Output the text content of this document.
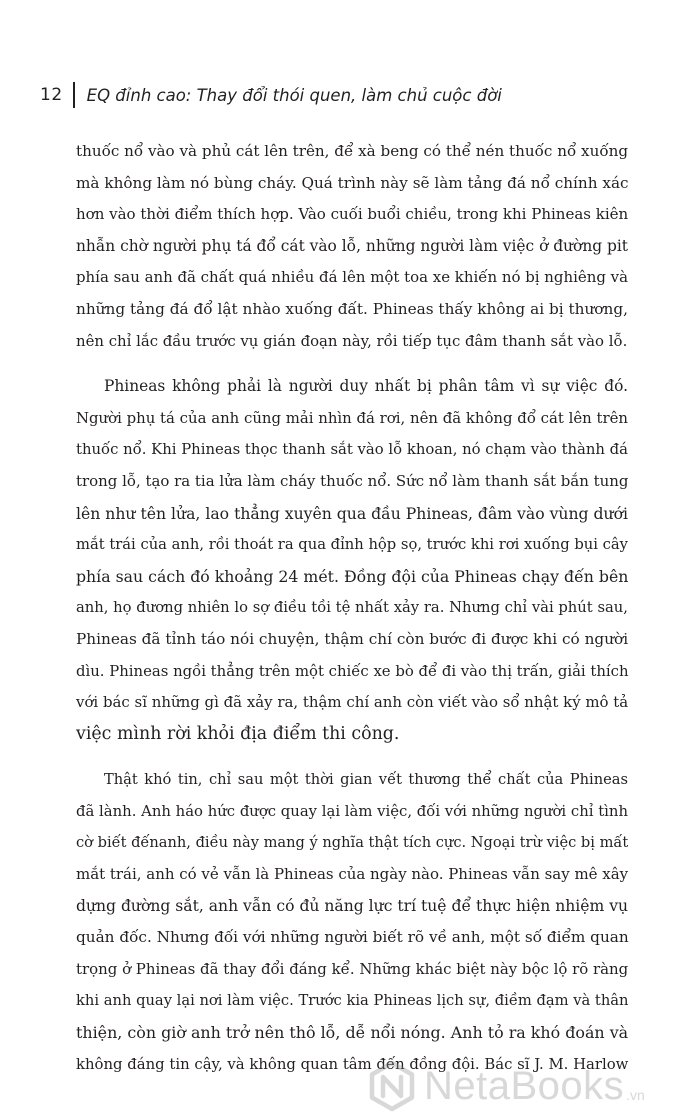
12 EQ đỉnh cao: Thay đổi thói quen, làm chủ cuộc đời
thuốc nổ vào và phủ cát lên trên, để xà beng có thể nén thuốc nổ xuống
mà không làm nó bùng cháy. Quá trình này sẽ làm tảng đá nổ chính xác
hơn vào thời điểm thích hợp. Vào cuối buổi chiều, trong khi Phineas kiên
nhẫn chờ người phụ tá đổ cát vào lỗ, những người làm việc ở đường pit
phía sau anh đã chất quá nhiều đá lên một toa xe khiến nó bị nghiêng và
những tảng đá đổ lật nhào xuống đất. Phineas thấy không ai bị thương,
nên chỉ lắc đầu trước vụ gián đoạn này, rồi tiếp tục đâm thanh sắt vào lỗ.
Phineas không phải là người duy nhất bị phân tâm vì sự việc đó.
Người phụ tá của anh cũng mải nhìn đá rơi, nên đã không đổ cát lên trên
thuốc nổ. Khi Phineas thọc thanh sắt vào lỗ khoan, nó chạm vào thành đá
trong lỗ, tạo ra tia lửa làm cháy thuốc nổ. Sức nổ làm thanh sắt bắn tung
lên như tên lửa, lao thẳng xuyên qua đầu Phineas, đâm vào vùng dưới
mắt trái của anh, rồi thoát ra qua đỉnh hộp sọ, trước khi rơi xuống bụi cây
phía sau cách đó khoảng 24 mét. Đồng đội của Phineas chạy đến bên
anh, họ đương nhiên lo sợ điều tồi tệ nhất xảy ra. Nhưng chỉ vài phút sau,
Phineas đã tỉnh táo nói chuyện, thậm chí còn bước đi được khi có người
dìu. Phineas ngồi thẳng trên một chiếc xe bò để đi vào thị trấn, giải thích
với bác sĩ những gì đã xảy ra, thậm chí anh còn viết vào sổ nhật ký mô tả
việc mình rời khỏi địa điểm thi công.
Thật khó tin, chỉ sau một thời gian vết thương thể chất của Phineas
đã lành. Anh háo hức được quay lại làm việc, đối với những người chỉ tình
cờ biết đếnanh, điều này mang ý nghĩa thật tích cực. Ngoại trừ việc bị mất
mắt trái, anh có vẻ vẫn là Phineas của ngày nào. Phineas vẫn say mê xây
dựng đường sắt, anh vẫn có đủ năng lực trí tuệ để thực hiện nhiệm vụ
quản đốc. Nhưng đối với những người biết rõ về anh, một số điểm quan
trọng ở Phineas đã thay đổi đáng kể. Những khác biệt này bộc lộ rõ ràng
khi anh quay lại nơi làm việc. Trước kia Phineas lịch sự, điềm đạm và thân
thiện, còn giờ anh trở nên thô lỗ, dễ nổi nóng. Anh tỏ ra khó đoán và
không đáng tin cậy, và không quan tâm đến đồng đội. Bác sĩ J. M. Harlow
NetaBooks .vn
